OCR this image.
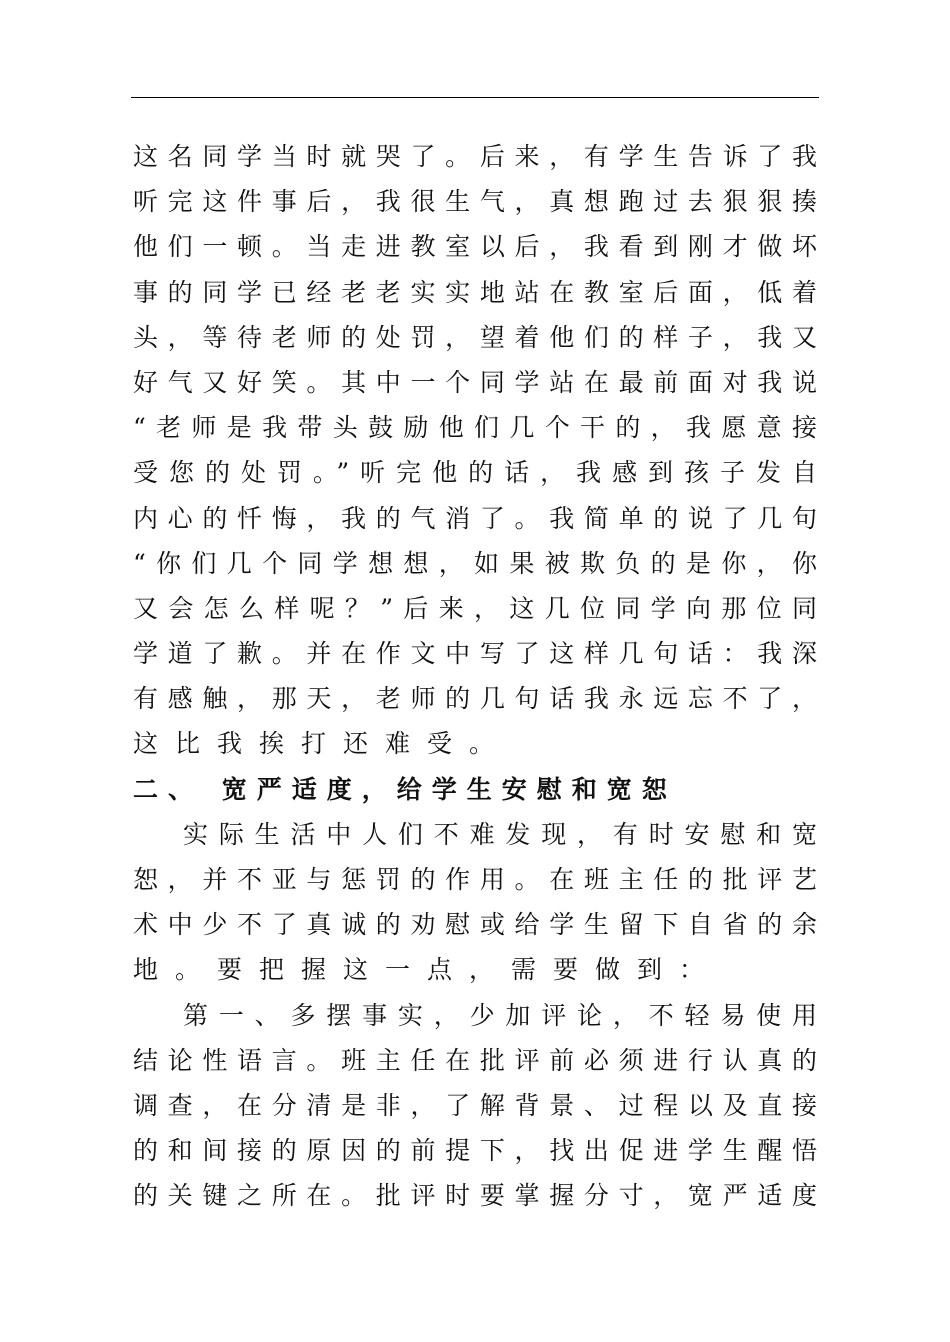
这名同学当时就哭了。后来，有学生告诉了我
听完这件事后，我很生气，真想跑过去狠狠揍
他们一顿。当走进教室以后，我看到刚才做坏
事的同学已经老老实实地站在教室后面，低着
头，等待老师的处罚，望着他们的样子，我又
好气又好笑。其中一个同学站在最前面对我说
“老师是我带头鼓励他们几个干的，我愿意接
受您的处罚。”听完他的话，我感到孩子发自
内心的忏悔，我的气消了。我简单的说了几句
“你们几个同学想想，如果被欺负的是你，你
又会怎么样呢？”后来，这几位同学向那位同
学道了歉。并在作文中写了这样几句话：我深
有感触，那天，老师的几句话我永远忘不了，
这比我挨打还难受。
二、 宽严适度，给学生安慰和宽恕
实际生活中人们不难发现，有时安慰和宽
恕，并不亚与惩罚的作用。在班主任的批评艺
术中少不了真诚的劝慰或给学生留下自省的余
地。要把握这一点，需要做到：
第一、多摆事实，少加评论，不轻易使用
结论性语言。班主任在批评前必须进行认真的
调查，在分清是非，了解背景、过程以及直接
的和间接的原因的前提下，找出促进学生醒悟
的关键之所在。批评时要掌握分寸，宽严适度
